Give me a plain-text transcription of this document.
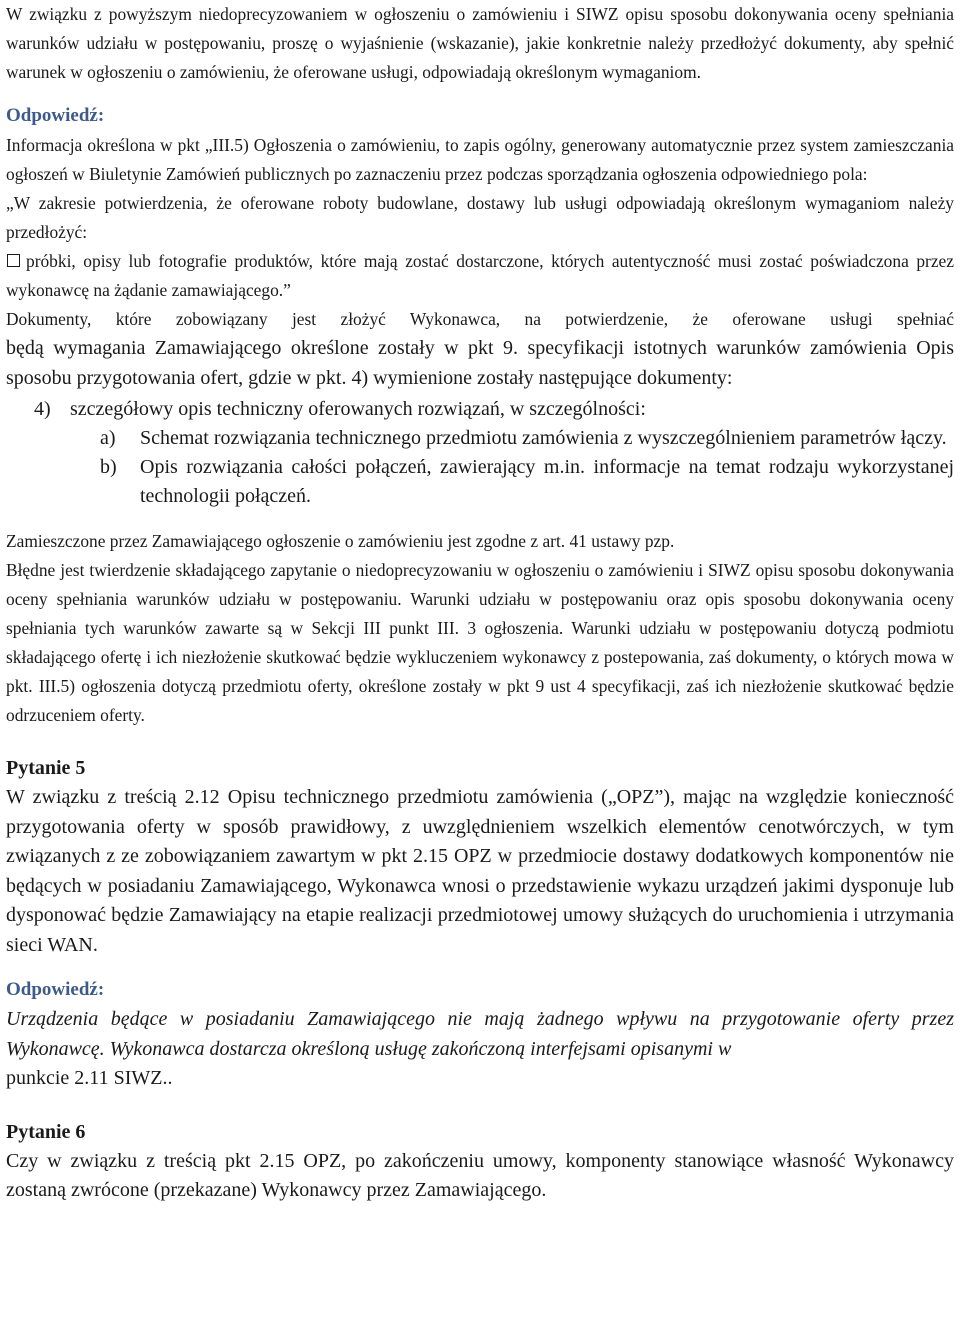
W związku z powyższym niedoprecyzowaniem w ogłoszeniu o zamówieniu i SIWZ opisu sposobu dokonywania oceny spełniania warunków udziału w postępowaniu, proszę o wyjaśnienie (wskazanie), jakie konkretnie należy przedłożyć dokumenty, aby spełnić warunek w ogłoszeniu o zamówieniu, że oferowane usługi, odpowiadają określonym wymaganiom.

Odpowiedź:

Informacja określona w pkt „III.5) Ogłoszenia o zamówieniu, to zapis ogólny, generowany automatycznie przez system zamieszczania ogłoszeń w Biuletynie Zamówień publicznych po zaznaczeniu przez podczas sporządzania ogłoszenia odpowiedniego pola:

„W zakresie potwierdzenia, że oferowane roboty budowlane, dostawy lub usługi odpowiadają określonym wymaganiom należy przedłożyć:

próbki, opisy lub fotografie produktów, które mają zostać dostarczone, których autentyczność musi zostać poświadczona przez wykonawcę na żądanie zamawiającego.”

Dokumenty, które zobowiązany jest złożyć Wykonawca, na potwierdzenie, że oferowane usługi spełniać

będą wymagania Zamawiającego określone zostały w pkt 9. specyfikacji istotnych warunków zamówienia Opis sposobu przygotowania ofert, gdzie w pkt. 4) wymienione zostały następujące dokumenty:

4) szczegółowy opis techniczny oferowanych rozwiązań, w szczególności:
a)	Schemat rozwiązania technicznego przedmiotu zamówienia z wyszczególnieniem parametrów łączy.
b)	Opis rozwiązania całości połączeń, zawierający m.in. informacje na temat rodzaju wykorzystanej technologii połączeń.

Zamieszczone przez Zamawiającego ogłoszenie o zamówieniu jest zgodne z art. 41 ustawy pzp.

Błędne jest twierdzenie składającego zapytanie o niedoprecyzowaniu w ogłoszeniu o zamówieniu i SIWZ opisu sposobu dokonywania oceny spełniania warunków udziału w postępowaniu. Warunki udziału w postępowaniu oraz opis sposobu dokonywania oceny spełniania tych warunków zawarte są w Sekcji III punkt III. 3 ogłoszenia. Warunki udziału w postępowaniu dotyczą podmiotu składającego ofertę i ich niezłożenie skutkować będzie wykluczeniem wykonawcy z postepowania, zaś dokumenty, o których mowa w pkt. III.5) ogłoszenia dotyczą przedmiotu oferty, określone zostały w pkt 9 ust 4 specyfikacji, zaś ich niezłożenie skutkować będzie odrzuceniem oferty.

Pytanie 5

W związku z treścią 2.12 Opisu technicznego przedmiotu zamówienia („OPZ”), mając na względzie konieczność przygotowania oferty w sposób prawidłowy, z uwzględnieniem wszelkich elementów cenotwórczych, w tym związanych z ze zobowiązaniem zawartym w pkt 2.15 OPZ w przedmiocie dostawy dodatkowych komponentów nie będących w posiadaniu Zamawiającego, Wykonawca wnosi o przedstawienie wykazu urządzeń jakimi dysponuje lub dysponować będzie Zamawiający na etapie realizacji przedmiotowej umowy służących do uruchomienia i utrzymania sieci WAN.

Odpowiedź:

Urządzenia będące w posiadaniu Zamawiającego nie mają żadnego wpływu na przygotowanie oferty przez Wykonawcę. Wykonawca dostarcza określoną usługę zakończoną interfejsami opisanymi w

punkcie 2.11 SIWZ..

Pytanie 6

Czy w związku z treścią pkt 2.15 OPZ, po zakończeniu umowy, komponenty stanowiące własność Wykonawcy zostaną zwrócone (przekazane) Wykonawcy przez Zamawiającego.
